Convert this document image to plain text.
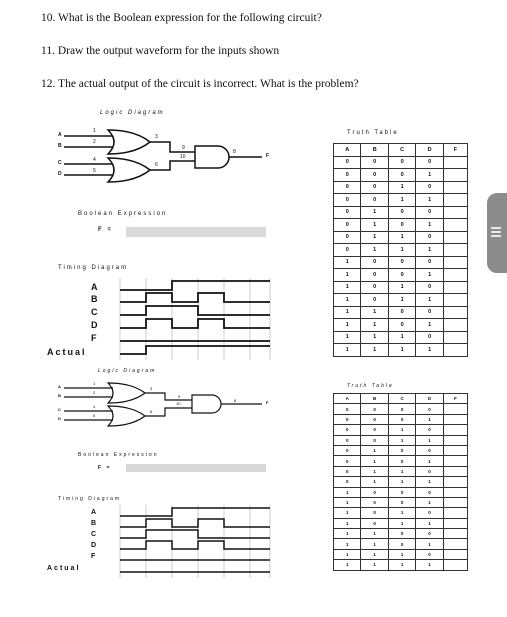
10. What is the Boolean expression for the following circuit?
11. Draw the output waveform for the inputs shown
12. The actual output of the circuit is incorrect. What is the problem?
Logic Diagram
A
B
C
D
F
1
2
3
4
5
6
9
10
8
Boolean Expression
F =
Timing Diagram
A
B
C
D
F
Actual
Truth Table
A	B	C	D	F
0	0	0	0	
0	0	0	1	
0	0	1	0	
0	0	1	1	
0	1	0	0	
0	1	0	1	
0	1	1	0	
0	1	1	1	
1	0	0	0	
1	0	0	1	
1	0	1	0	
1	0	1	1	
1	1	0	0	
1	1	0	1	
1	1	1	0	
1	1	1	1	
Logic Diagram
A
B
C
D
F
1
2
3
4
5
6
9
10
8
Boolean Expression
F =
Timing Diagram
A
B
C
D
F
Actual
Truth Table
A	B	C	D	F
0	0	0	0	
0	0	0	1	
0	0	1	0	
0	0	1	1	
0	1	0	0	
0	1	0	1	
0	1	1	0	
0	1	1	1	
1	0	0	0	
1	0	0	1	
1	0	1	0	
1	0	1	1	
1	1	0	0	
1	1	0	1	
1	1	1	0	
1	1	1	1	
